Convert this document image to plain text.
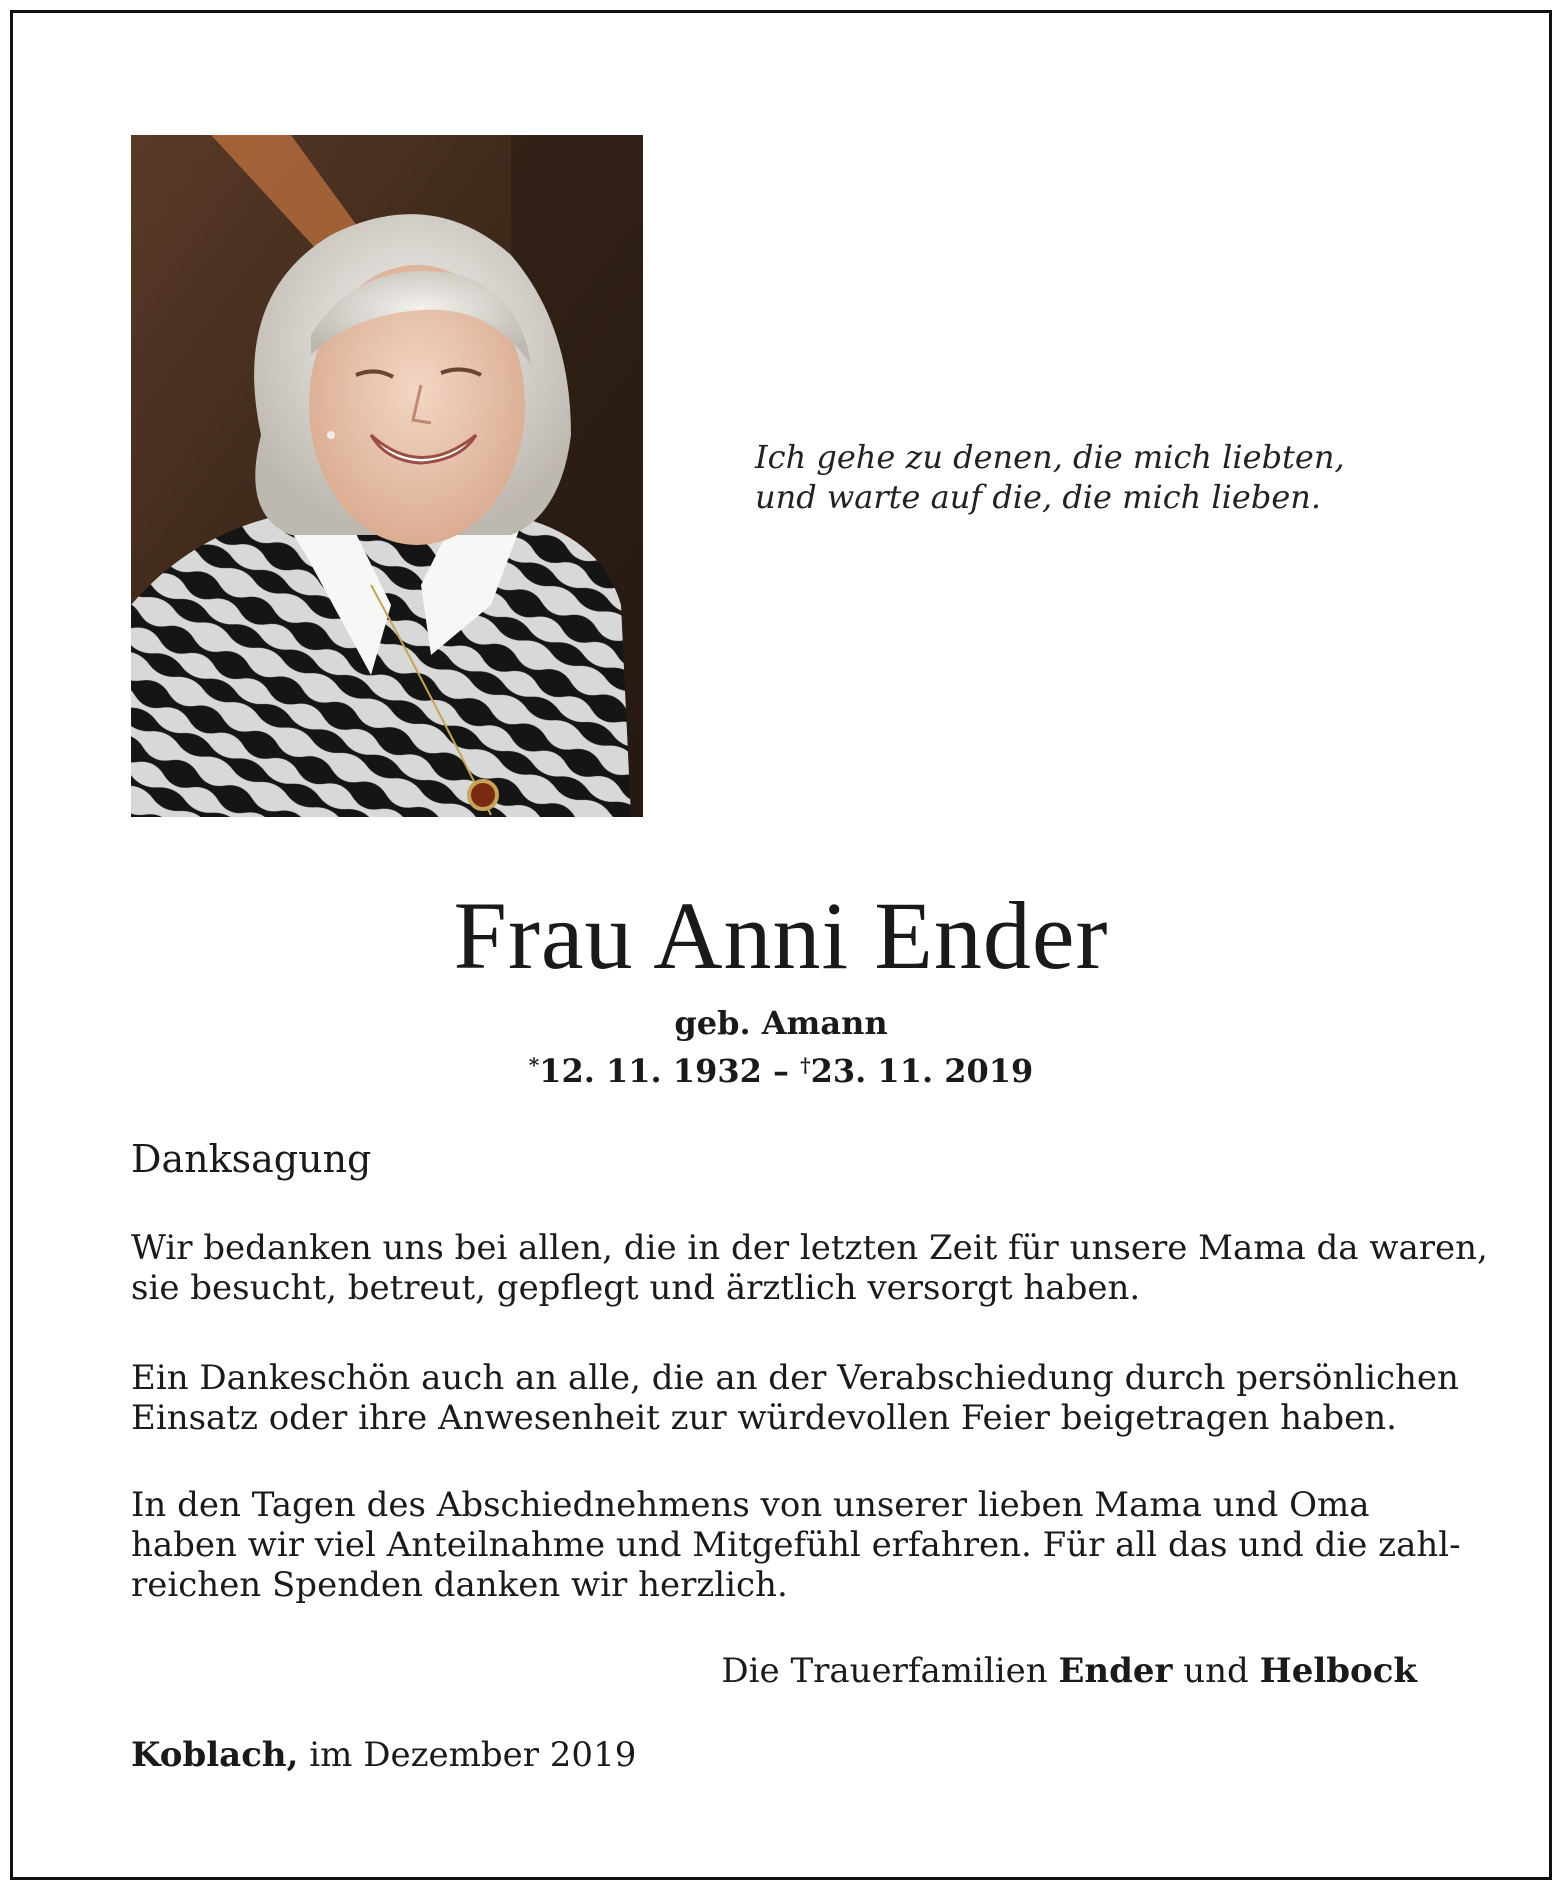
Ich gehe zu denen, die mich liebten,
und warte auf die, die mich lieben.
Frau Anni Ender
geb. Amann
*12. 11. 1932 – †23. 11. 2019
Danksagung
Wir bedanken uns bei allen, die in der letzten Zeit für unsere Mama da waren,
sie besucht, betreut, gepflegt und ärztlich versorgt haben.
Ein Dankeschön auch an alle, die an der Verabschiedung durch persönlichen
Einsatz oder ihre Anwesenheit zur würdevollen Feier beigetragen haben.
In den Tagen des Abschiednehmens von unserer lieben Mama und Oma
haben wir viel Anteilnahme und Mitgefühl erfahren. Für all das und die zahl-
reichen Spenden danken wir herzlich.
Die Trauerfamilien Ender und Helbock
Koblach, im Dezember 2019
